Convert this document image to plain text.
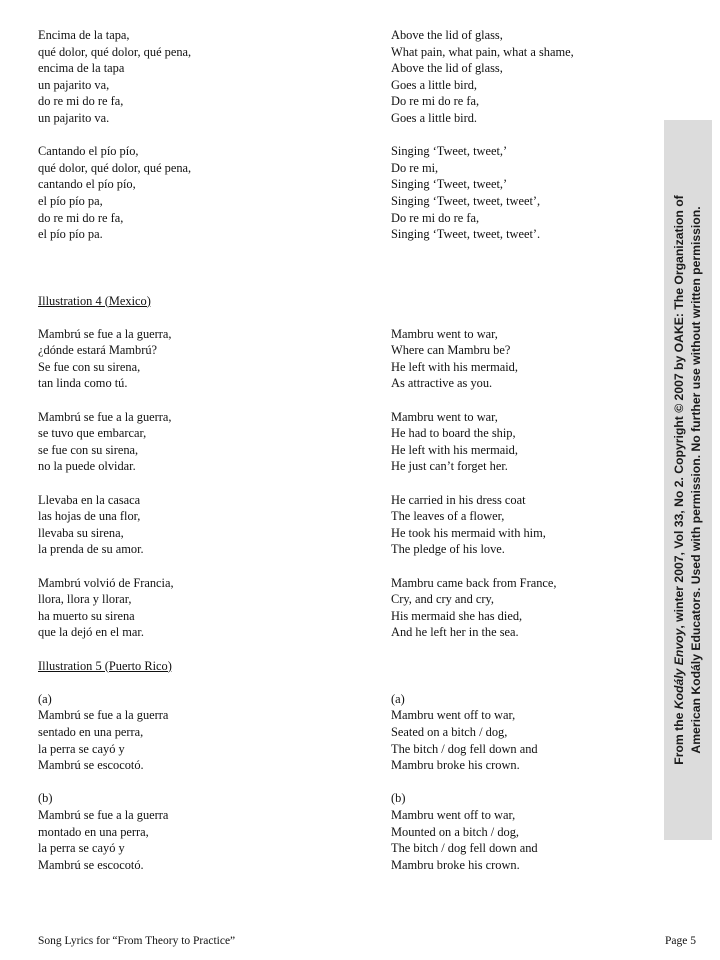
Encima de la tapa,
qué dolor, qué dolor, qué pena,
encima de la tapa
un pajarito va,
do re mi do re fa,
un pajarito va.
Cantando el pío pío,
qué dolor, qué dolor, qué pena,
cantando el pío pío,
el pío pío pa,
do re mi do re fa,
el pío pío pa.
Illustration 4 (Mexico)
Mambrú se fue a la guerra,
¿dónde estará Mambrú?
Se fue con su sirena,
tan linda como tú.
Mambrú se fue a la guerra,
se tuvo que embarcar,
se fue con su sirena,
no la puede olvidar.
Llevaba en la casaca
las hojas de una flor,
llevaba su sirena,
la prenda de su amor.
Mambrú volvió de Francia,
llora, llora y llorar,
ha muerto su sirena
que la dejó en el mar.
Illustration 5 (Puerto Rico)
(a)
Mambrú se fue a la guerra
sentado en una perra,
la perra se cayó y
Mambrú se escocotó.
(b)
Mambrú se fue a la guerra
montado en una perra,
la perra se cayó y
Mambrú se escocotó.
Above the lid of glass,
What pain, what pain, what a shame,
Above the lid of glass,
Goes a little bird,
Do re mi do re fa,
Goes a little bird.
Singing ‘Tweet, tweet,’
Do re mi,
Singing ‘Tweet, tweet,’
Singing ‘Tweet, tweet, tweet’,
Do re mi do re fa,
Singing ‘Tweet, tweet, tweet’.
Mambru went to war,
Where can Mambru be?
He left with his mermaid,
As attractive as you.
Mambru went to war,
He had to board the ship,
He left with his mermaid,
He just can’t forget her.
He carried in his dress coat
The leaves of a flower,
He took his mermaid with him,
The pledge of his love.
Mambru came back from France,
Cry, and cry and cry,
His mermaid she has died,
And he left her in the sea.
(a)
Mambru went off to war,
Seated on a bitch / dog,
The bitch / dog fell down and
Mambru broke his crown.
(b)
Mambru went off to war,
Mounted on a bitch / dog,
The bitch / dog fell down and
Mambru broke his crown.
From the Kodály Envoy, winter 2007, Vol 33, No 2. Copyright © 2007 by OAKE: The Organization of American Kodály Educators. Used with permission. No further use without written permission.
Song Lyrics for “From Theory to Practice”	Page 5
